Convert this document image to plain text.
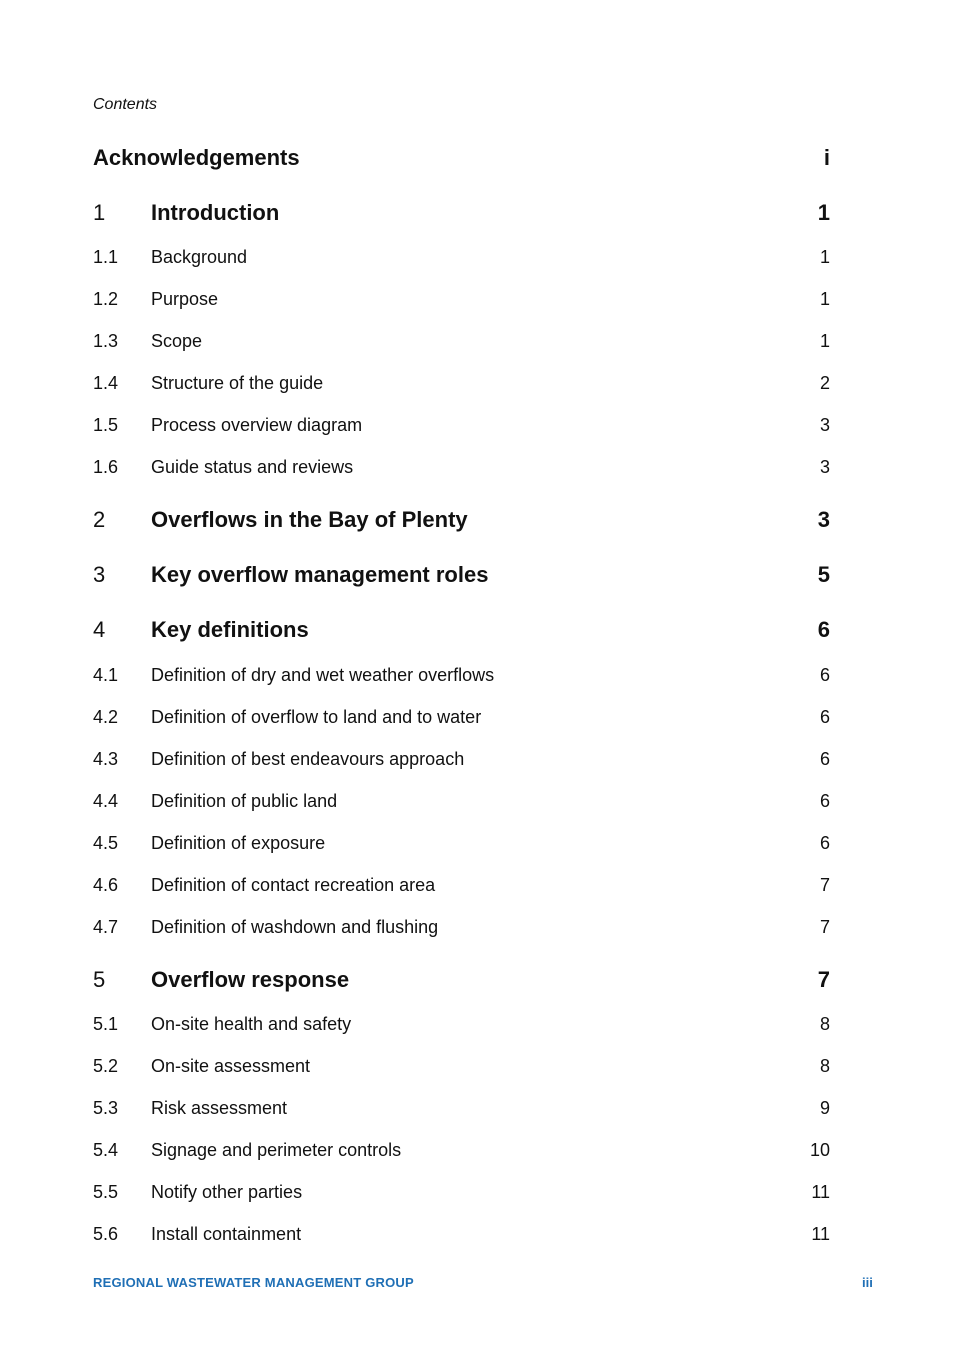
Contents
Acknowledgements	i
1 Introduction	1
1.1 Background	1
1.2 Purpose	1
1.3 Scope	1
1.4 Structure of the guide	2
1.5 Process overview diagram	3
1.6 Guide status and reviews	3
2 Overflows in the Bay of Plenty	3
3 Key overflow management roles	5
4 Key definitions	6
4.1 Definition of dry and wet weather overflows	6
4.2 Definition of overflow to land and to water	6
4.3 Definition of best endeavours approach	6
4.4 Definition of public land	6
4.5 Definition of exposure	6
4.6 Definition of contact recreation area	7
4.7 Definition of washdown and flushing	7
5 Overflow response	7
5.1 On-site health and safety	8
5.2 On-site assessment	8
5.3 Risk assessment	9
5.4 Signage and perimeter controls	10
5.5 Notify other parties	11
5.6 Install containment	11
REGIONAL WASTEWATER MANAGEMENT GROUP	iii
